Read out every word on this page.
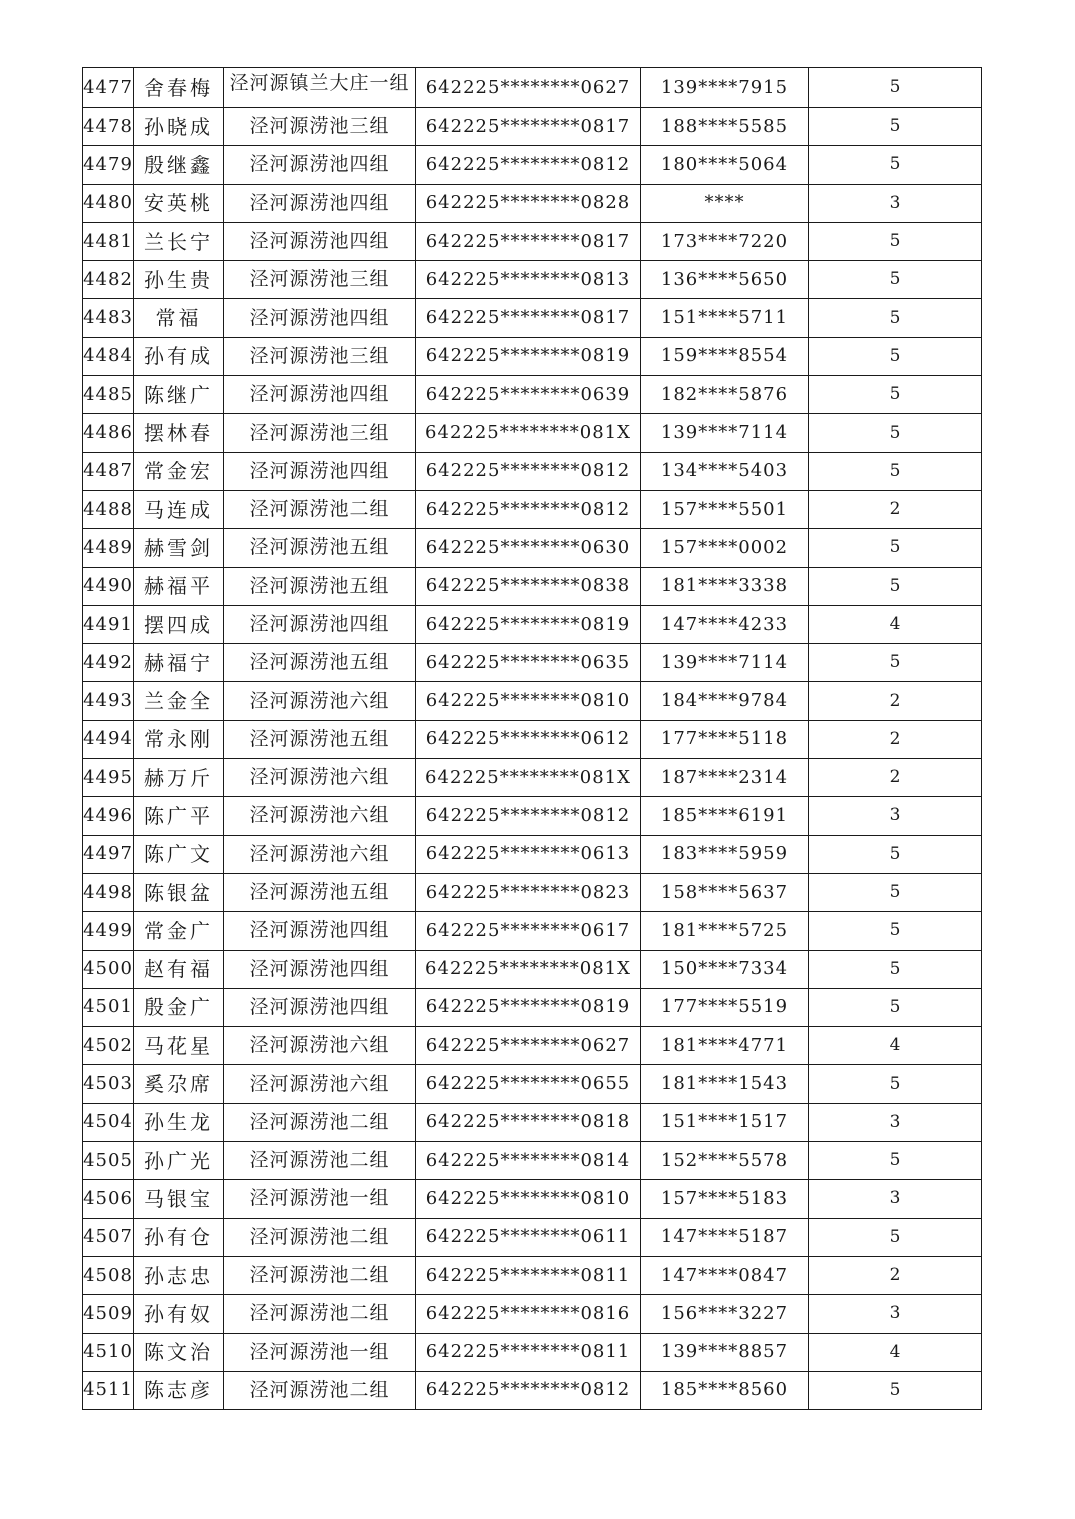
4477	舍春梅	泾河源镇兰大庄一组	642225********0627	139****7915	5
4478	孙晓成	泾河源涝池三组	642225********0817	188****5585	5
4479	殷继鑫	泾河源涝池四组	642225********0812	180****5064	5
4480	安英桃	泾河源涝池四组	642225********0828	****	3
4481	兰长宁	泾河源涝池四组	642225********0817	173****7220	5
4482	孙生贵	泾河源涝池三组	642225********0813	136****5650	5
4483	常福	泾河源涝池四组	642225********0817	151****5711	5
4484	孙有成	泾河源涝池三组	642225********0819	159****8554	5
4485	陈继广	泾河源涝池四组	642225********0639	182****5876	5
4486	摆林春	泾河源涝池三组	642225********081X	139****7114	5
4487	常金宏	泾河源涝池四组	642225********0812	134****5403	5
4488	马连成	泾河源涝池二组	642225********0812	157****5501	2
4489	赫雪剑	泾河源涝池五组	642225********0630	157****0002	5
4490	赫福平	泾河源涝池五组	642225********0838	181****3338	5
4491	摆四成	泾河源涝池四组	642225********0819	147****4233	4
4492	赫福宁	泾河源涝池五组	642225********0635	139****7114	5
4493	兰金全	泾河源涝池六组	642225********0810	184****9784	2
4494	常永刚	泾河源涝池五组	642225********0612	177****5118	2
4495	赫万斤	泾河源涝池六组	642225********081X	187****2314	2
4496	陈广平	泾河源涝池六组	642225********0812	185****6191	3
4497	陈广文	泾河源涝池六组	642225********0613	183****5959	5
4498	陈银盆	泾河源涝池五组	642225********0823	158****5637	5
4499	常金广	泾河源涝池四组	642225********0617	181****5725	5
4500	赵有福	泾河源涝池四组	642225********081X	150****7334	5
4501	殷金广	泾河源涝池四组	642225********0819	177****5519	5
4502	马花星	泾河源涝池六组	642225********0627	181****4771	4
4503	奚尕席	泾河源涝池六组	642225********0655	181****1543	5
4504	孙生龙	泾河源涝池二组	642225********0818	151****1517	3
4505	孙广光	泾河源涝池二组	642225********0814	152****5578	5
4506	马银宝	泾河源涝池一组	642225********0810	157****5183	3
4507	孙有仓	泾河源涝池二组	642225********0611	147****5187	5
4508	孙志忠	泾河源涝池二组	642225********0811	147****0847	2
4509	孙有奴	泾河源涝池二组	642225********0816	156****3227	3
4510	陈文治	泾河源涝池一组	642225********0811	139****8857	4
4511	陈志彦	泾河源涝池二组	642225********0812	185****8560	5
